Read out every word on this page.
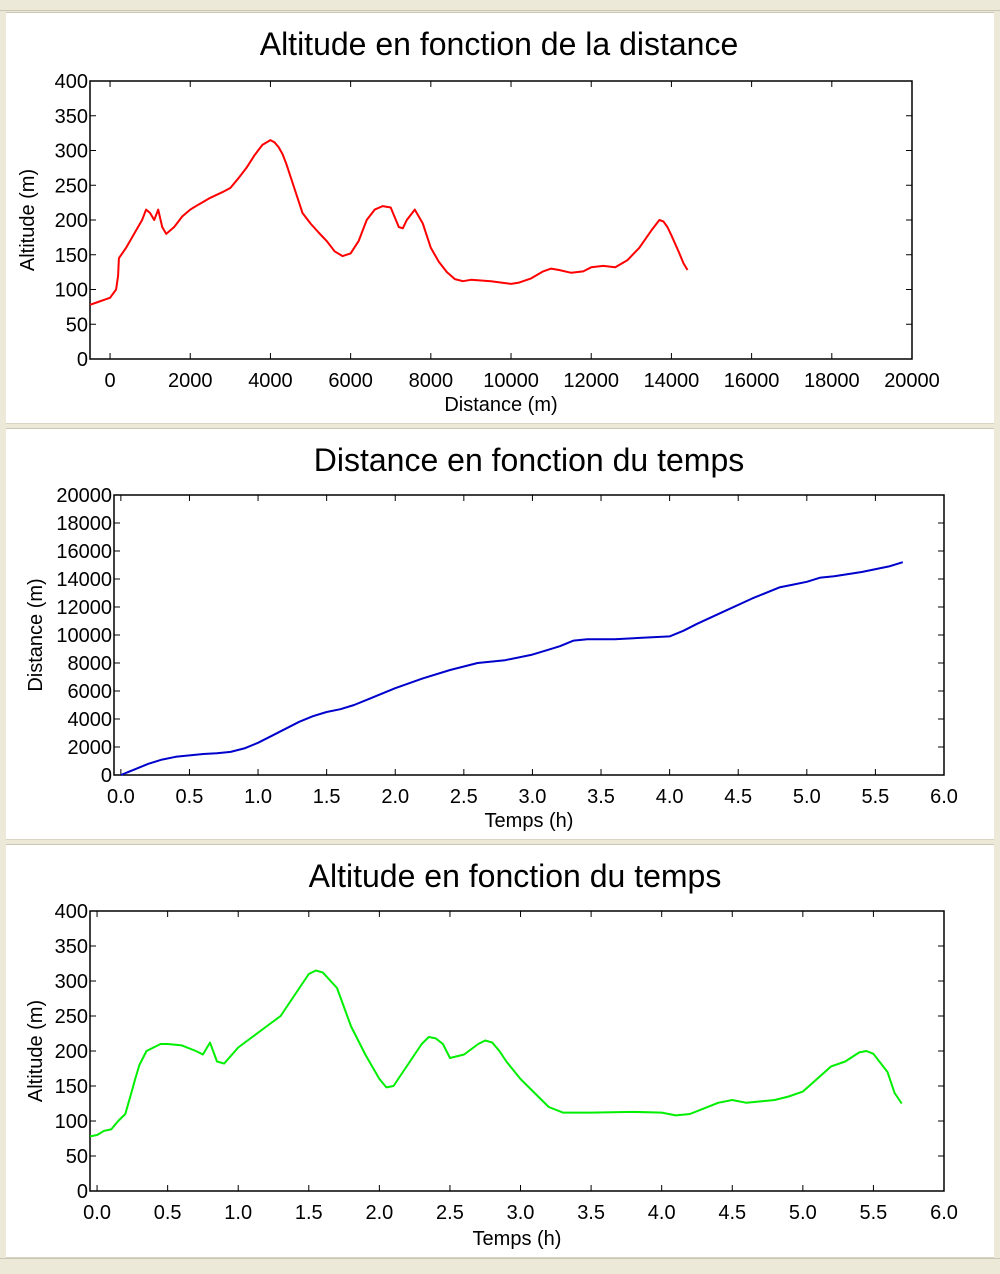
Altitude en fonction de la distance
0
50
100
150
200
250
300
350
400
0	2000 4000 6000 8000 10000 12000 14000 16000 18000 20000
Distance (m)
Altitude (m)
Distance en fonction du temps
0
2000
4000
6000
8000
10000
12000
14000
16000
18000
20000
0.0 0.5 1.0 1.5 2.0 2.5 3.0 3.5 4.0 4.5 5.0 5.5 6.0
Temps (h)
Distance (m)
Altitude en fonction du temps
0
50
100
150
200
250
300
350
400
0.0 0.5 1.0 1.5 2.0 2.5 3.0 3.5 4.0 4.5 5.0 5.5 6.0
Temps (h)
Altitude (m)
